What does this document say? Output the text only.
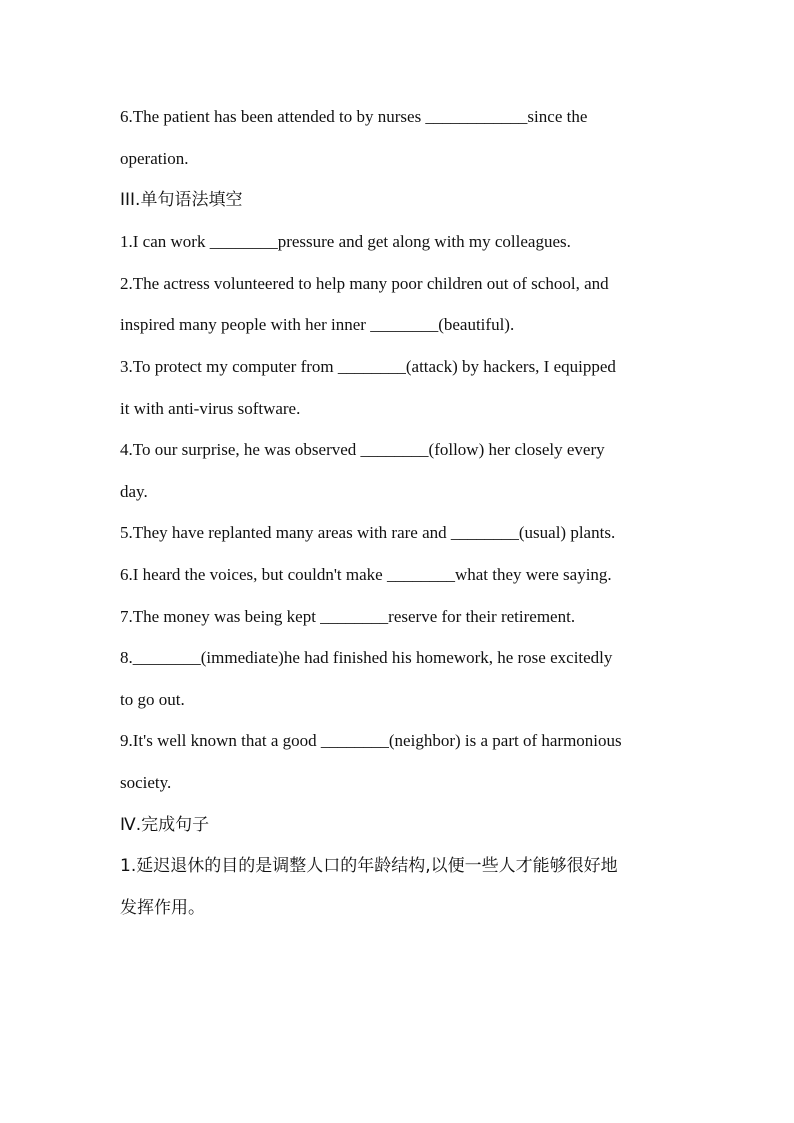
6.The patient has been attended to by nurses ____________since the
operation.
III.单句语法填空
1.I can work ________pressure and get along with my colleagues.
2.The actress volunteered to help many poor children out of school, and
inspired many people with her inner ________(beautiful).
3.To protect my computer from ________(attack) by hackers, I equipped
it with anti-virus software.
4.To our surprise, he was observed ________(follow) her closely every
day.
5.They have replanted many areas with rare and ________(usual) plants.
6.I heard the voices, but couldn't make ________what they were saying.
7.The money was being kept ________reserve for their retirement.
8.________(immediate)he had finished his homework, he rose excitedly
to go out.
9.It's well known that a good ________(neighbor) is a part of harmonious
society.
Ⅳ.完成句子
1.延迟退休的目的是调整人口的年龄结构,以便一些人才能够很好地
发挥作用。
